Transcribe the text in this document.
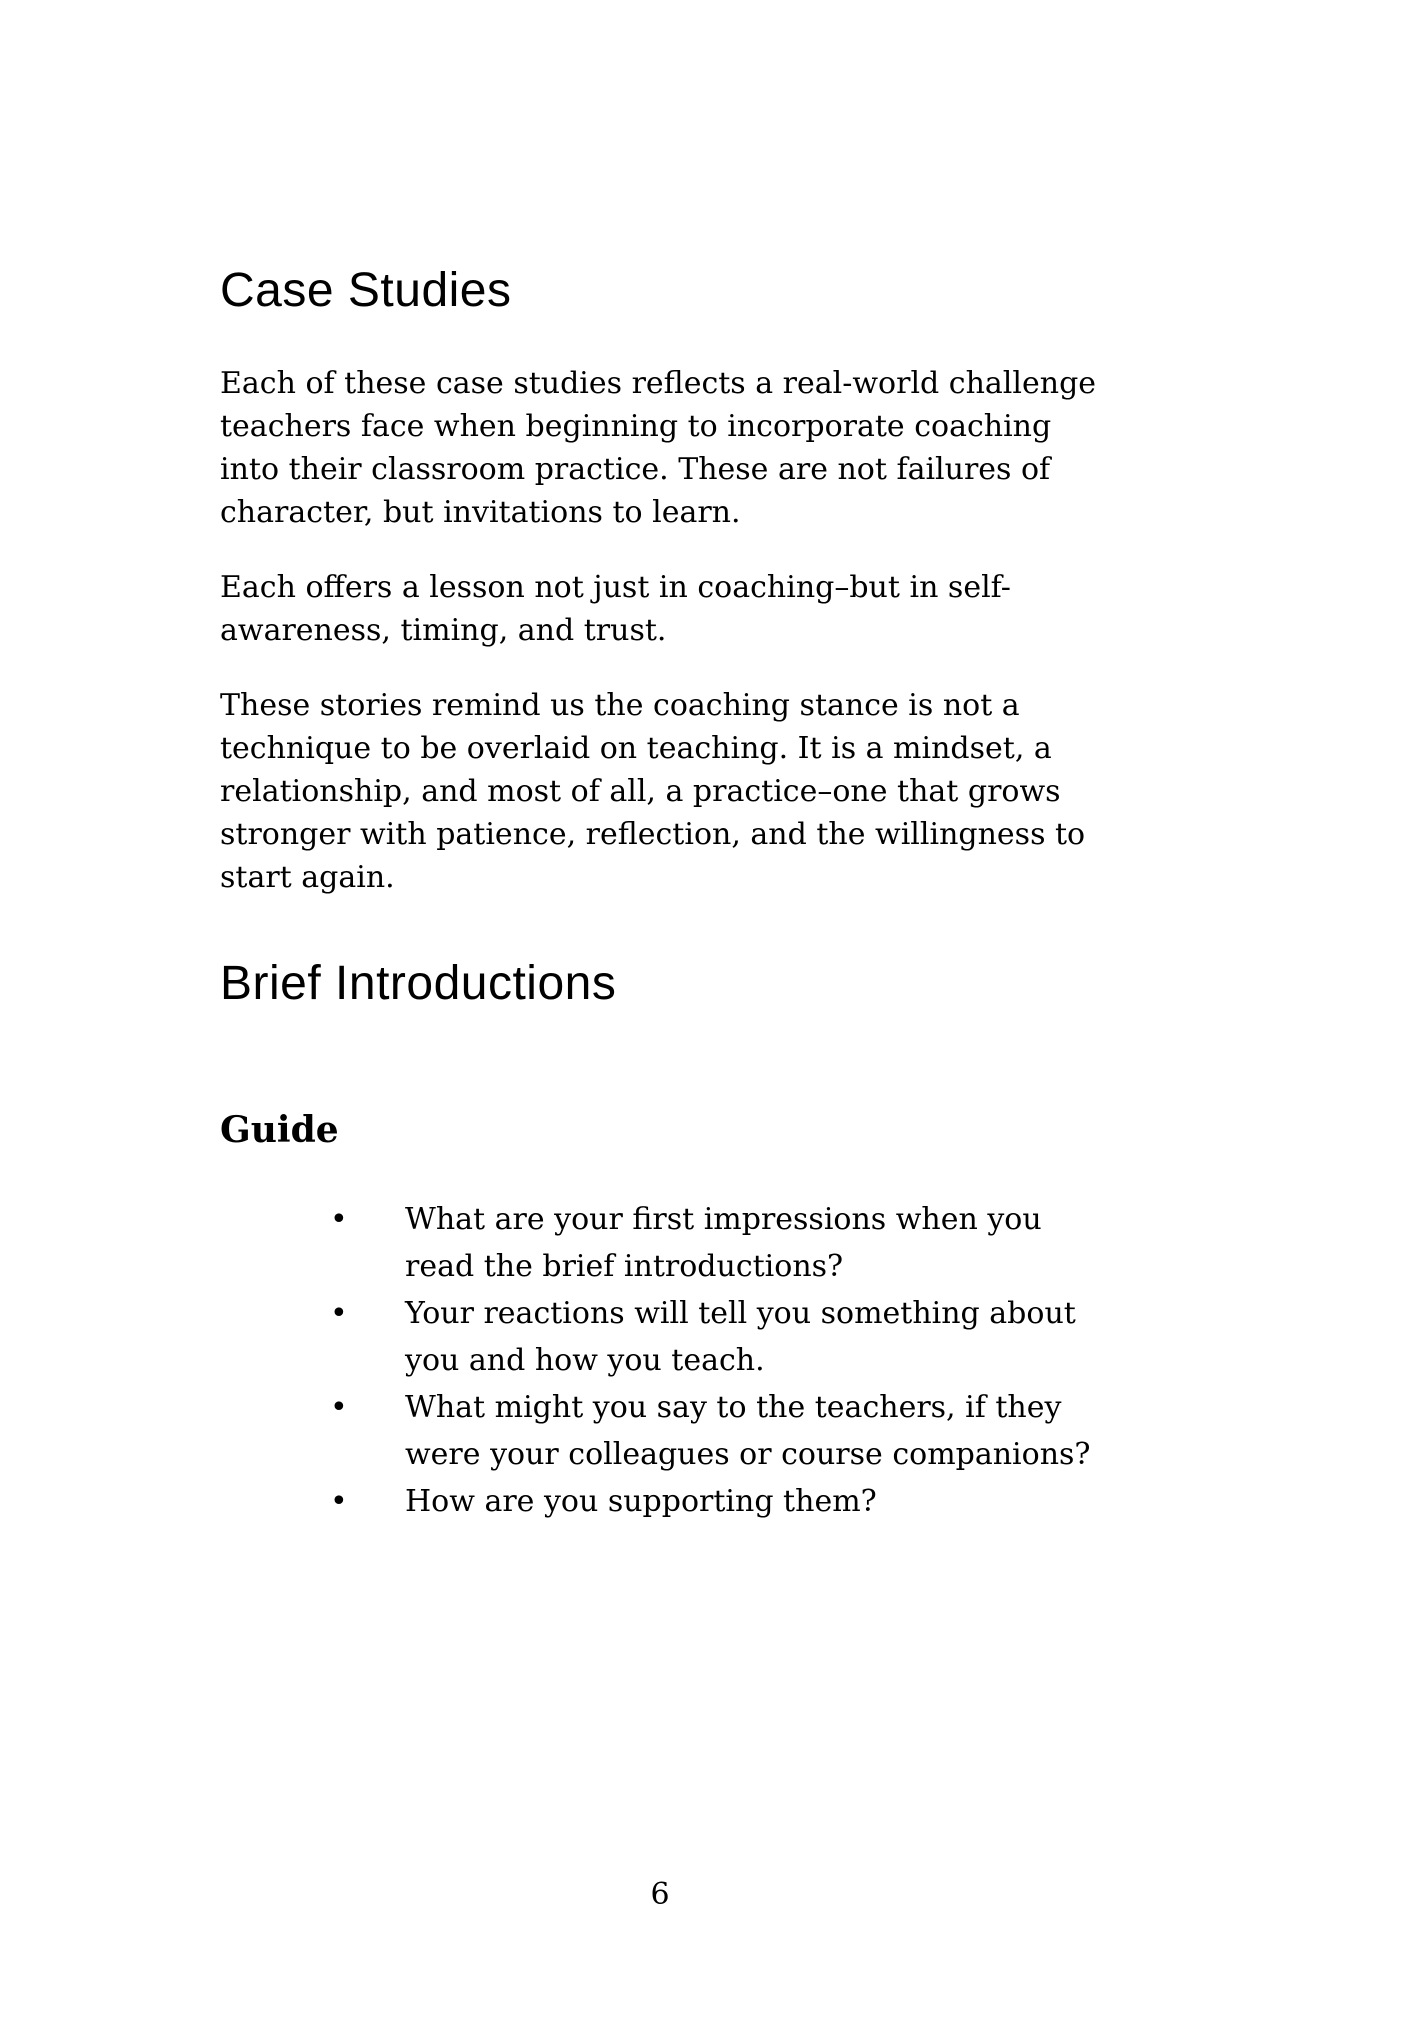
Case Studies

Each of these case studies reflects a real-world challenge teachers face when beginning to incorporate coaching into their classroom practice. These are not failures of character, but invitations to learn.

Each offers a lesson not just in coaching–but in self-awareness, timing, and trust.

These stories remind us the coaching stance is not a technique to be overlaid on teaching. It is a mindset, a relationship, and most of all, a practice–one that grows stronger with patience, reflection, and the willingness to start again.

Brief Introductions
Guide
• What are your first impressions when you read the brief introductions?
• Your reactions will tell you something about you and how you teach.
• What might you say to the teachers, if they were your colleagues or course companions?
• How are you supporting them?
6
